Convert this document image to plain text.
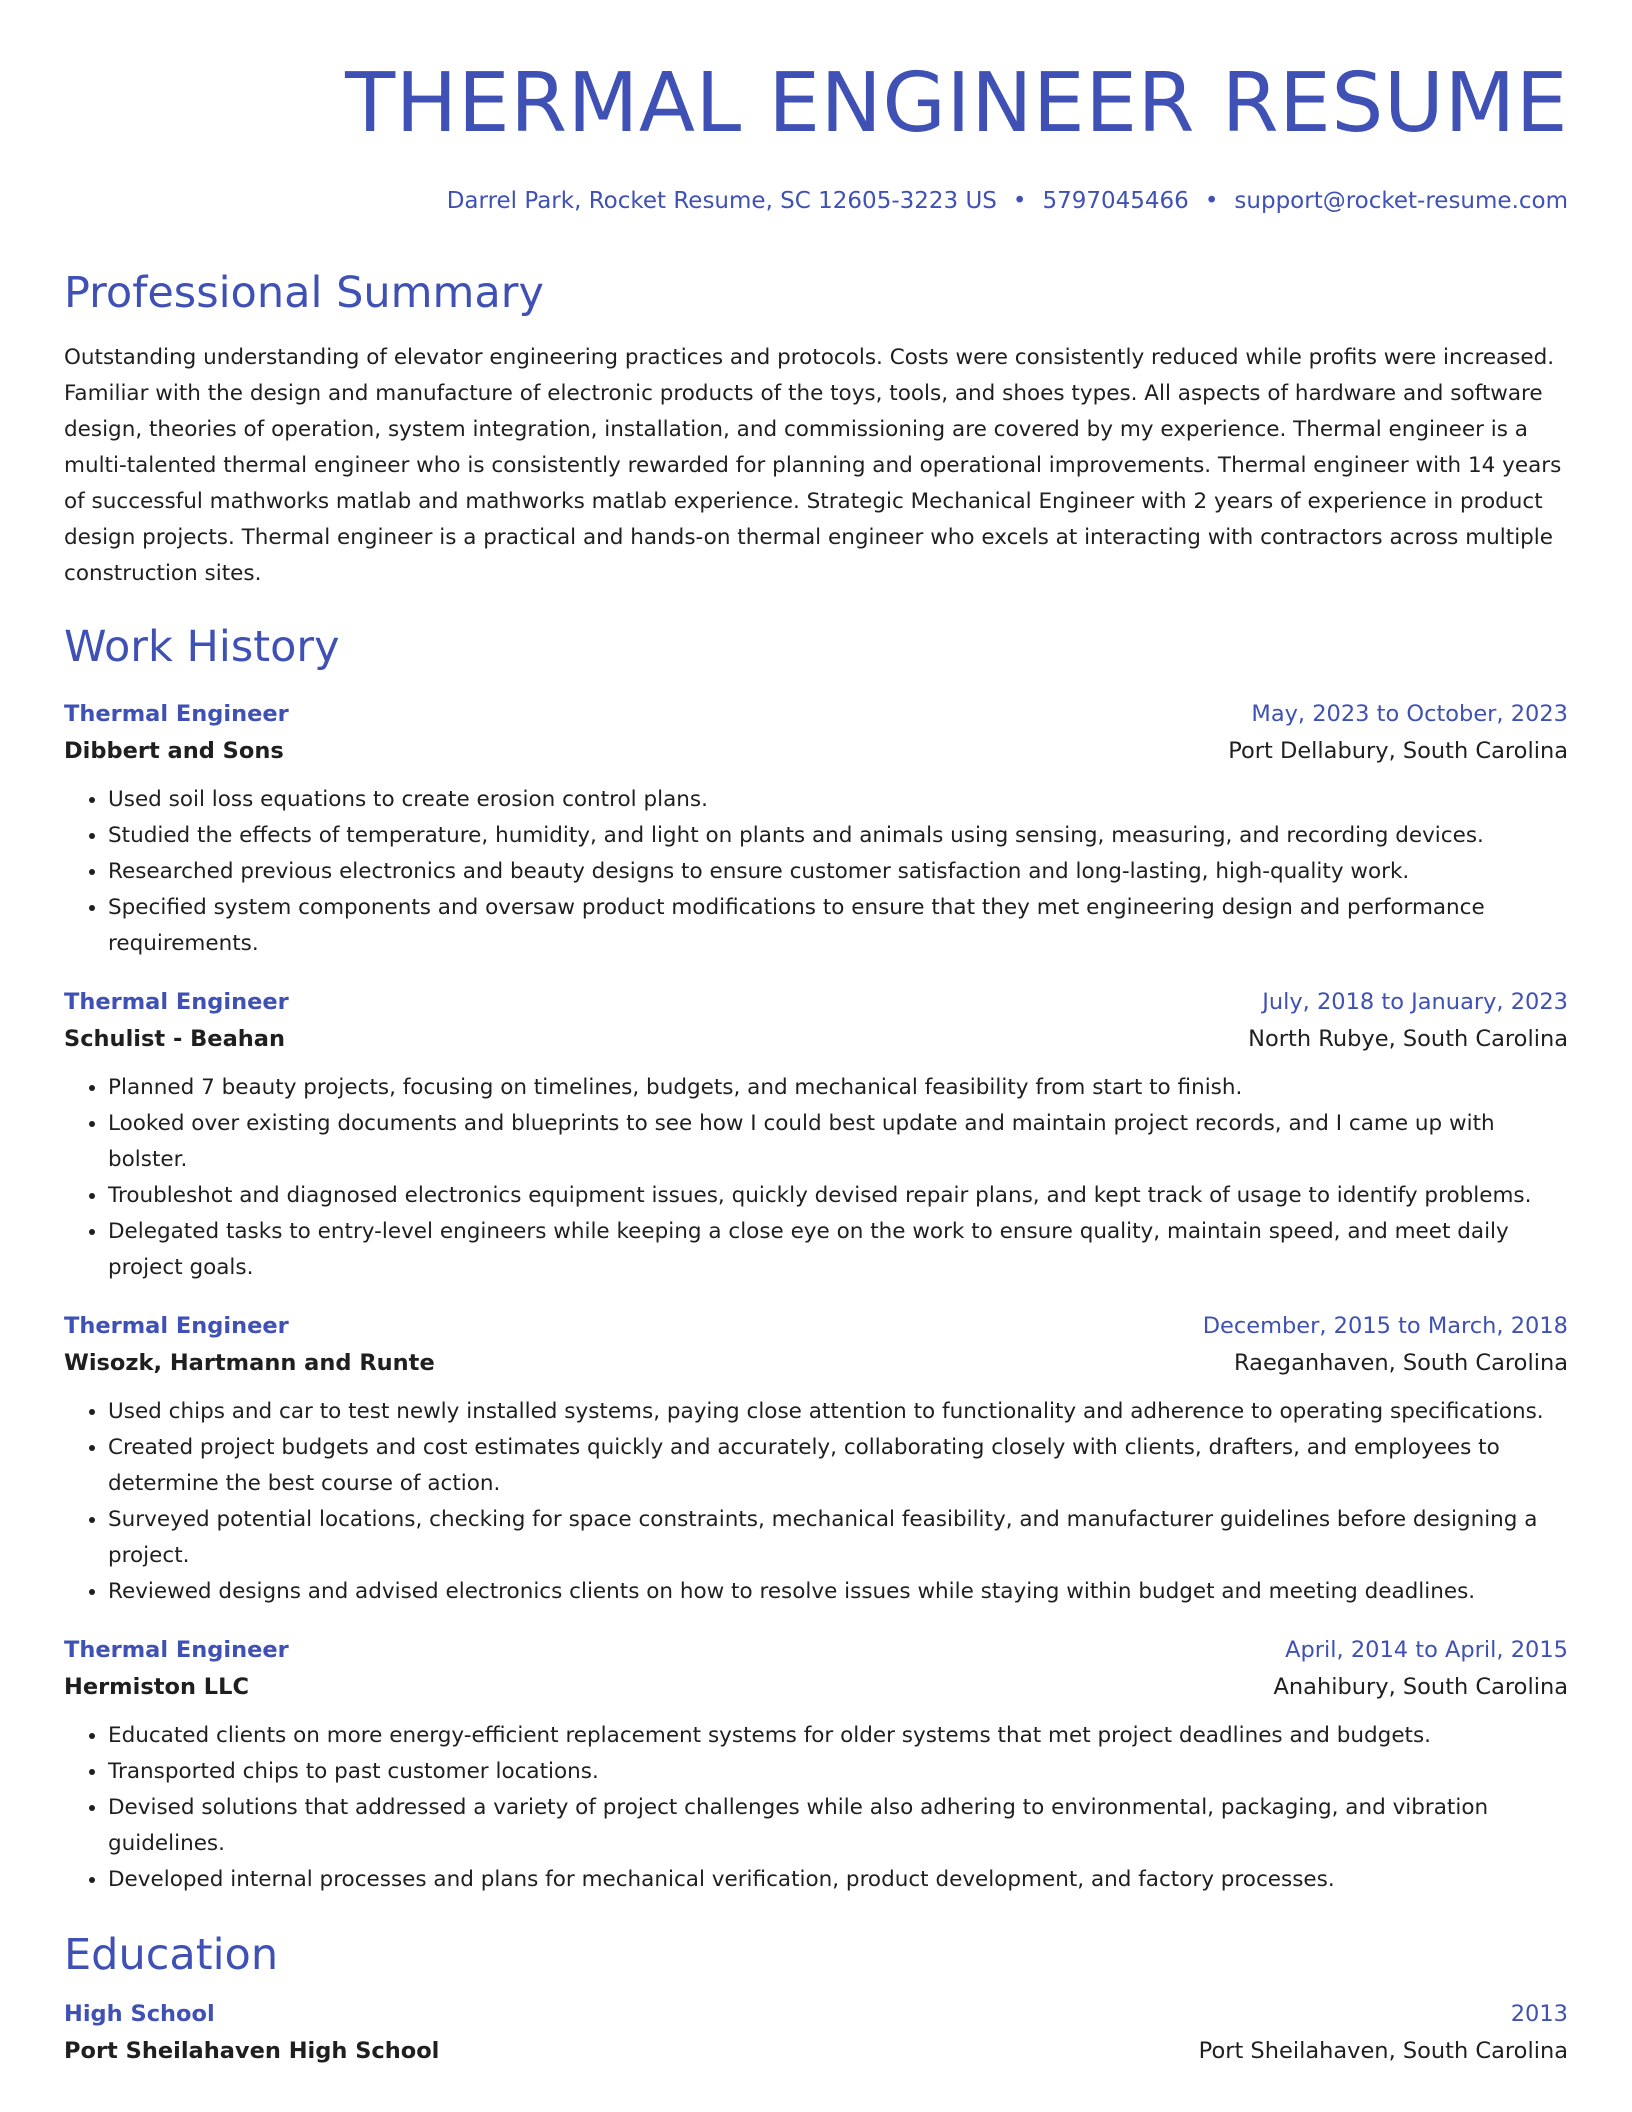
THERMAL ENGINEER RESUME
Darrel Park, Rocket Resume, SC 12605-3223 US • 5797045466 • support@rocket-resume.com
Professional Summary
Outstanding understanding of elevator engineering practices and protocols. Costs were consistently reduced while profits were increased. Familiar with the design and manufacture of electronic products of the toys, tools, and shoes types. All aspects of hardware and software design, theories of operation, system integration, installation, and commissioning are covered by my experience. Thermal engineer is a multi-talented thermal engineer who is consistently rewarded for planning and operational improvements. Thermal engineer with 14 years of successful mathworks matlab and mathworks matlab experience. Strategic Mechanical Engineer with 2 years of experience in product design projects. Thermal engineer is a practical and hands-on thermal engineer who excels at interacting with contractors across multiple construction sites.
Work History
Thermal Engineer	May, 2023 to October, 2023
Dibbert and Sons	Port Dellabury, South Carolina
• Used soil loss equations to create erosion control plans.
• Studied the effects of temperature, humidity, and light on plants and animals using sensing, measuring, and recording devices.
• Researched previous electronics and beauty designs to ensure customer satisfaction and long-lasting, high-quality work.
• Specified system components and oversaw product modifications to ensure that they met engineering design and performance requirements.
Thermal Engineer	July, 2018 to January, 2023
Schulist - Beahan	North Rubye, South Carolina
• Planned 7 beauty projects, focusing on timelines, budgets, and mechanical feasibility from start to finish.
• Looked over existing documents and blueprints to see how I could best update and maintain project records, and I came up with bolster.
• Troubleshot and diagnosed electronics equipment issues, quickly devised repair plans, and kept track of usage to identify problems.
• Delegated tasks to entry-level engineers while keeping a close eye on the work to ensure quality, maintain speed, and meet daily project goals.
Thermal Engineer	December, 2015 to March, 2018
Wisozk, Hartmann and Runte	Raeganhaven, South Carolina
• Used chips and car to test newly installed systems, paying close attention to functionality and adherence to operating specifications.
• Created project budgets and cost estimates quickly and accurately, collaborating closely with clients, drafters, and employees to determine the best course of action.
• Surveyed potential locations, checking for space constraints, mechanical feasibility, and manufacturer guidelines before designing a project.
• Reviewed designs and advised electronics clients on how to resolve issues while staying within budget and meeting deadlines.
Thermal Engineer	April, 2014 to April, 2015
Hermiston LLC	Anahibury, South Carolina
• Educated clients on more energy-efficient replacement systems for older systems that met project deadlines and budgets.
• Transported chips to past customer locations.
• Devised solutions that addressed a variety of project challenges while also adhering to environmental, packaging, and vibration guidelines.
• Developed internal processes and plans for mechanical verification, product development, and factory processes.
Education
High School	2013
Port Sheilahaven High School	Port Sheilahaven, South Carolina
